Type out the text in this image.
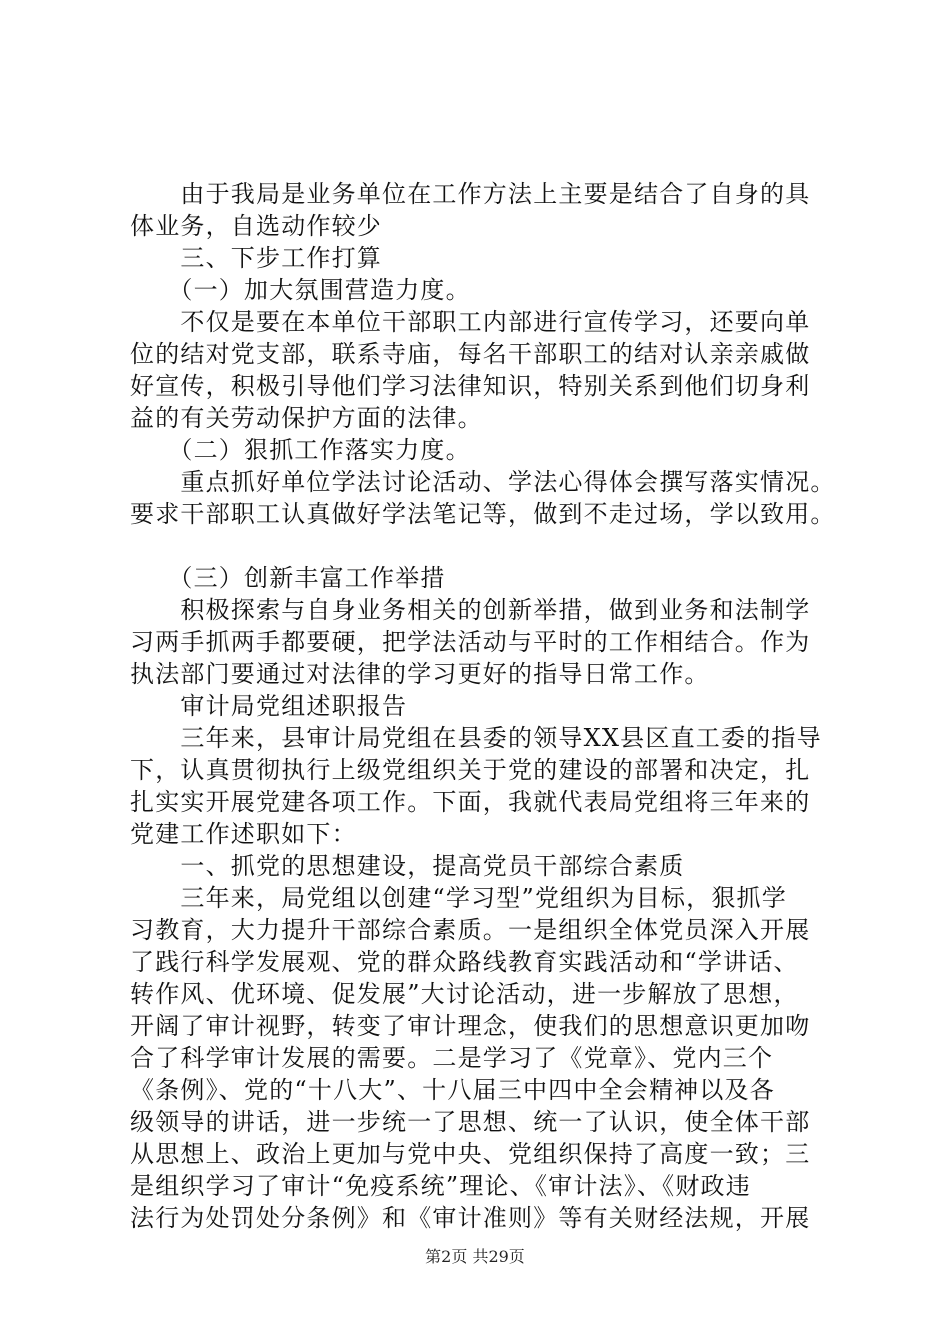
　　由于我局是业务单位在工作方法上主要是结合了自身的具
体业务，自选动作较少
　　三、下步工作打算
　　（一）加大氛围营造力度。
　　不仅是要在本单位干部职工内部进行宣传学习，还要向单
位的结对党支部，联系寺庙，每名干部职工的结对认亲亲戚做
好宣传，积极引导他们学习法律知识，特别关系到他们切身利
益的有关劳动保护方面的法律。
　　（二）狠抓工作落实力度。
　　重点抓好单位学法讨论活动、学法心得体会撰写落实情况。
要求干部职工认真做好学法笔记等，做到不走过场，学以致用。
　　（三）创新丰富工作举措
　　积极探索与自身业务相关的创新举措，做到业务和法制学
习两手抓两手都要硬，把学法活动与平时的工作相结合。作为
执法部门要通过对法律的学习更好的指导日常工作。
　　审计局党组述职报告
　　三年来，县审计局党组在县委的领导XX县区直工委的指导
下，认真贯彻执行上级党组织关于党的建设的部署和决定，扎
扎实实开展党建各项工作。下面，我就代表局党组将三年来的
党建工作述职如下：
　　一、抓党的思想建设，提高党员干部综合素质
　　三年来，局党组以创建“学习型”党组织为目标，狠抓学
习教育，大力提升干部综合素质。一是组织全体党员深入开展
了践行科学发展观、党的群众路线教育实践活动和“学讲话、
转作风、优环境、促发展”大讨论活动，进一步解放了思想，
开阔了审计视野，转变了审计理念，使我们的思想意识更加吻
合了科学审计发展的需要。二是学习了《党章》、党内三个
《条例》、党的“十八大”、十八届三中四中全会精神以及各
级领导的讲话，进一步统一了思想、统一了认识，使全体干部
从思想上、政治上更加与党中央、党组织保持了高度一致；三
是组织学习了审计“免疫系统”理论、《审计法》、《财政违
法行为处罚处分条例》和《审计准则》等有关财经法规，开展
第2页 共29页
